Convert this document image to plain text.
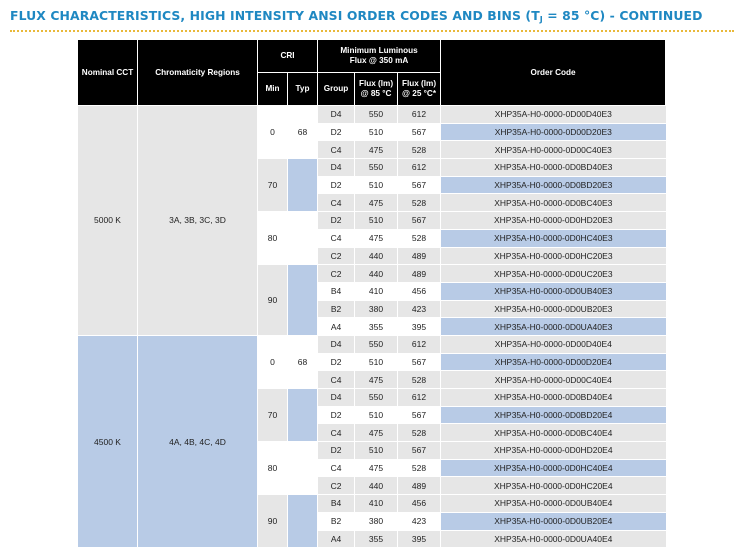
FLUX CHARACTERISTICS, HIGH INTENSITY ANSI ORDER CODES AND BINS ($T_J = 85$ °C) - CONTINUED
Nominal CCT	Chromaticity Regions	CRI		Minimum Luminous Flux @ 350 mA			Order Code
		Min	Typ	Group	Flux (lm) @ 85 °C	Flux (lm) @ 25 °C*	
5000 K	3A, 3B, 3C, 3D	0	68	D4	550	612	XHP35A-H0-0000-0D00D40E3
				D2	510	567	XHP35A-H0-0000-0D00D20E3
				C4	475	528	XHP35A-H0-0000-0D00C40E3
		70		D4	550	612	XHP35A-H0-0000-0D0BD40E3
				D2	510	567	XHP35A-H0-0000-0D0BD20E3
				C4	475	528	XHP35A-H0-0000-0D0BC40E3
		80		D2	510	567	XHP35A-H0-0000-0D0HD20E3
				C4	475	528	XHP35A-H0-0000-0D0HC40E3
				C2	440	489	XHP35A-H0-0000-0D0HC20E3
		90		C2	440	489	XHP35A-H0-0000-0D0UC20E3
				B4	410	456	XHP35A-H0-0000-0D0UB40E3
				B2	380	423	XHP35A-H0-0000-0D0UB20E3
				A4	355	395	XHP35A-H0-0000-0D0UA40E3
4500 K	4A, 4B, 4C, 4D	0	68	D4	550	612	XHP35A-H0-0000-0D00D40E4
				D2	510	567	XHP35A-H0-0000-0D00D20E4
				C4	475	528	XHP35A-H0-0000-0D00C40E4
		70		D4	550	612	XHP35A-H0-0000-0D0BD40E4
				D2	510	567	XHP35A-H0-0000-0D0BD20E4
				C4	475	528	XHP35A-H0-0000-0D0BC40E4
		80		D2	510	567	XHP35A-H0-0000-0D0HD20E4
				C4	475	528	XHP35A-H0-0000-0D0HC40E4
				C2	440	489	XHP35A-H0-0000-0D0HC20E4
		90		B4	410	456	XHP35A-H0-0000-0D0UB40E4
				B2	380	423	XHP35A-H0-0000-0D0UB20E4
				A4	355	395	XHP35A-H0-0000-0D0UA40E4
